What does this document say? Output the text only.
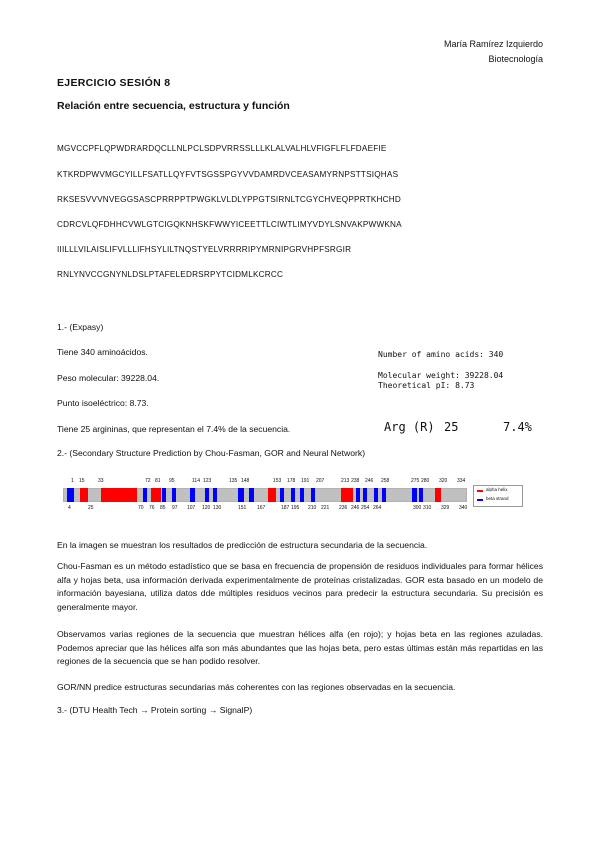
María Ramírez Izquierdo
Biotecnología
EJERCICIO SESIÓN 8
Relación entre secuencia, estructura y función
MGVCCPFLQPWDRARDQCLLNLPCLSDPVRRSSLLLKLALVALHLVFIGFLFLFDAEFIE
KTKRDPWVMGCYILLFSATLLQYFVTSGSSPGYVVDAMRDVCEASAMYRNPSTTSIQHAS
RKSESVVVNVEGGSASCPRRPPTPWGKLVLDLYPPGTSIRNLTCGYCHVEQPPRTKHCHD
CDRCVLQFDHHCVWLGTCIGQKNHSKFWWYICEETTLCIWTLIMYVDYLSNVAKPWWKNA
IIILLLVILAISLIFVLLLIFHSYLILTNQSTYELVRRRRIPYMRNIPGRVHPFSRGIR
RNLYNVCCGNYNLDSLPTAFELEDRSRPYTCIDMLKCRCC
1.- (Expasy)
Tiene 340 aminoácidos.
Peso molecular: 39228.04.
Punto isoeléctrico: 8.73.
Tiene 25 argininas, que representan el 7.4% de la secuencia.
Number of amino acids: 340
Molecular weight: 39228.04
Theoretical pI: 8.73
Arg (R) 25	7.4%
2.- (Secondary Structure Prediction by Chou-Fasman, GOR and Neural Network)
1 15	33	72 81 95	114 123	135 148	153 178 191 207	213 238 246 258	275 280 320 334
alpha helix
beta strand
4	25	70 76 85 97 107 120 130	151 167	187 195 210 221 236 246 254 264	300 310 329 340
En la imagen se muestran los resultados de predicción de estructura secundaria de la secuencia.
Chou-Fasman es un método estadístico que se basa en frecuencia de propensión de residuos individuales para formar hélices alfa y hojas beta, usa información derivada experimentalmente de proteínas cristalizadas. GOR esta basado en un modelo de información bayesiana, utiliza datos dde múltiples residuos vecinos para predecir la estructura secundaria. Su precisión es generalmente mayor.
Observamos varias regiones de la secuencia que muestran hélices alfa (en rojo); y hojas beta en las regiones azuladas. Podemos apreciar que las hélices alfa son más abundantes que las hojas beta, pero estas últimas están más repartidas en las regiones de la secuencia que se han podido resolver.
GOR/NN predice estructuras secundarias más coherentes con las regiones observadas en la secuencia.
3.- (DTU Health Tech → Protein sorting → SignalP)
